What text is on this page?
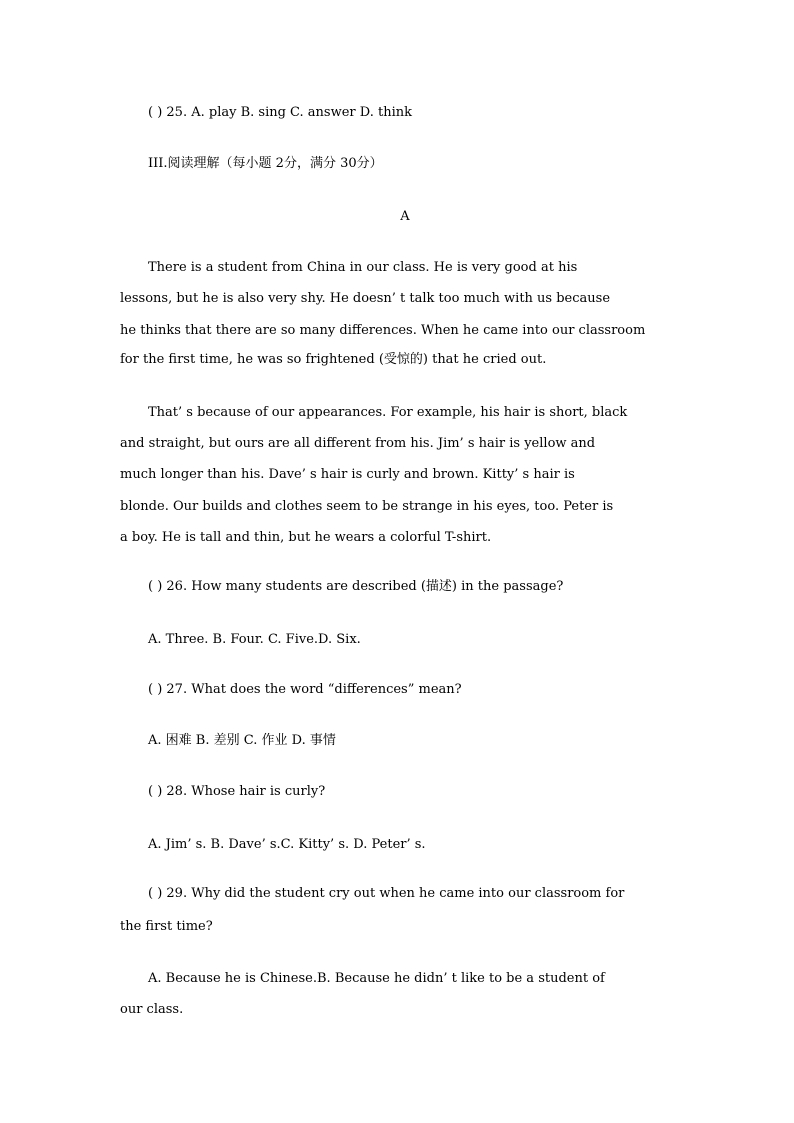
( ) 25. A. play B. sing C. answer D. think
III.阅读理解（每小题 2分，满分 30分）
A
There is a student from China in our class. He is very good at his
lessons, but he is also very shy. He doesn’ t talk too much with us because
he thinks that there are so many differences. When he came into our classroom
for the first time, he was so frightened (受惊的) that he cried out.
That’ s because of our appearances. For example, his hair is short, black
and straight, but ours are all different from his. Jim’ s hair is yellow and
much longer than his. Dave’ s hair is curly and brown. Kitty’ s hair is
blonde. Our builds and clothes seem to be strange in his eyes, too. Peter is
a boy. He is tall and thin, but he wears a colorful T-shirt.
( ) 26. How many students are described (描述) in the passage?
A. Three. B. Four. C. Five.D. Six.
( ) 27. What does the word “differences” mean?
A. 困难 B. 差别 C. 作业 D. 事情
( ) 28. Whose hair is curly?
A. Jim’ s. B. Dave’ s.C. Kitty’ s. D. Peter’ s.
( ) 29. Why did the student cry out when he came into our classroom for
the first time?
A. Because he is Chinese.B. Because he didn’ t like to be a student of
our class.
